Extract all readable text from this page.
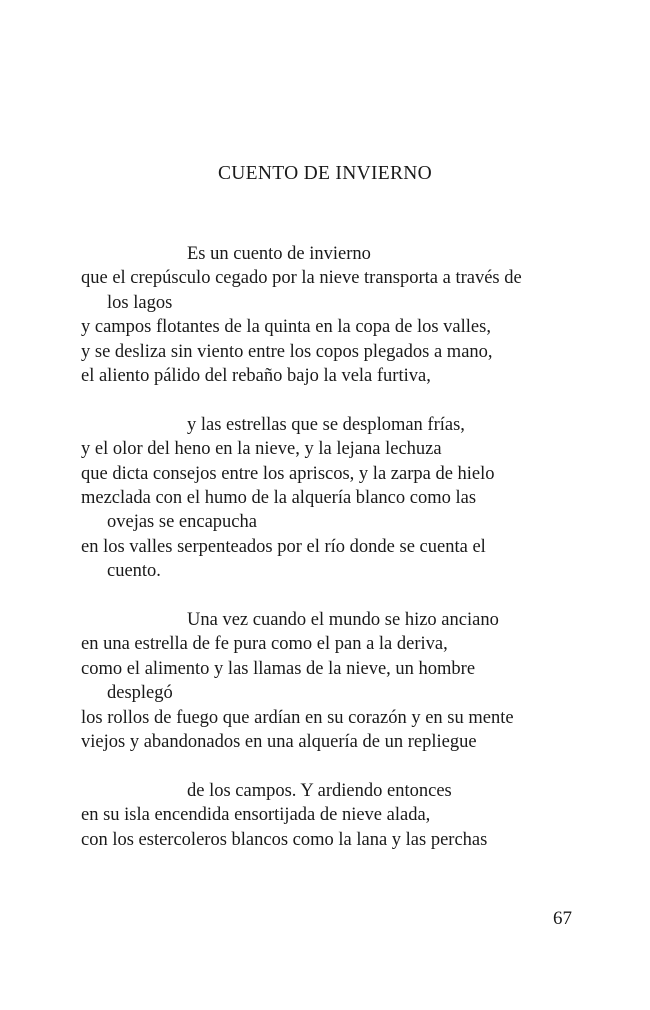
CUENTO DE INVIERNO

Es un cuento de invierno
que el crepúsculo cegado por la nieve transporta a través de
los lagos
y campos flotantes de la quinta en la copa de los valles,
y se desliza sin viento entre los copos plegados a mano,
el aliento pálido del rebaño bajo la vela furtiva,

y las estrellas que se desploman frías,
y el olor del heno en la nieve, y la lejana lechuza
que dicta consejos entre los apriscos, y la zarpa de hielo
mezclada con el humo de la alquería blanco como las
ovejas se encapucha
en los valles serpenteados por el río donde se cuenta el
cuento.

Una vez cuando el mundo se hizo anciano
en una estrella de fe pura como el pan a la deriva,
como el alimento y las llamas de la nieve, un hombre
desplegó
los rollos de fuego que ardían en su corazón y en su mente
viejos y abandonados en una alquería de un repliegue

de los campos. Y ardiendo entonces
en su isla encendida ensortijada de nieve alada,
con los estercoleros blancos como la lana y las perchas

67
